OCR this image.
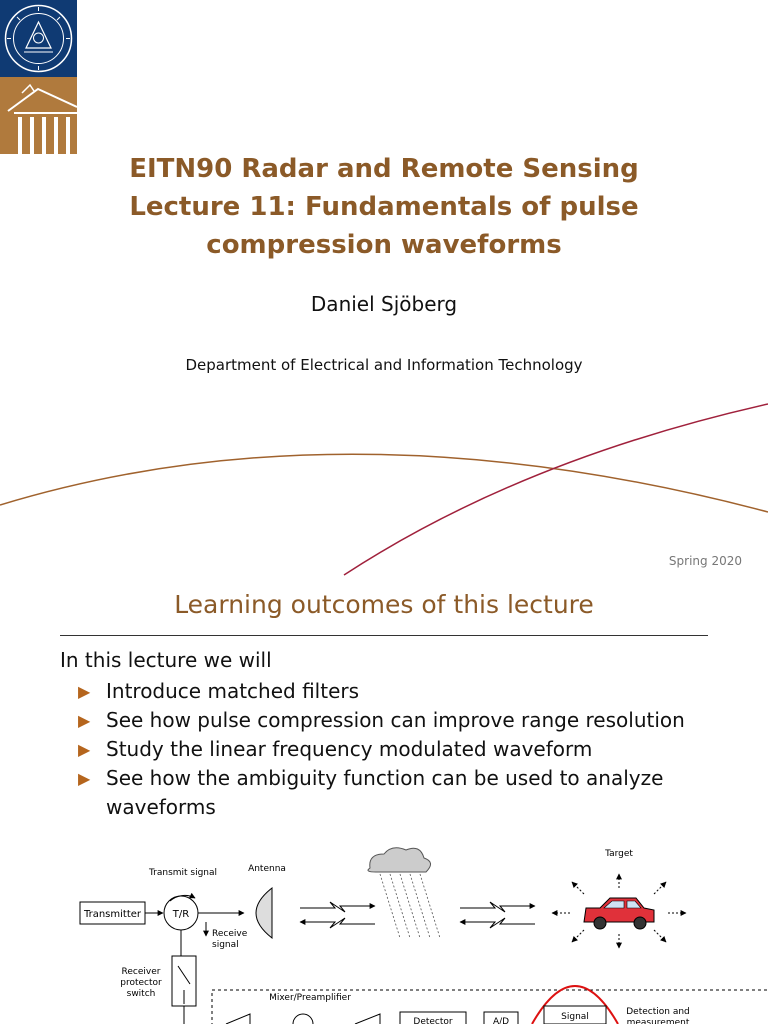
EITN90 Radar and Remote Sensing
Lecture 11: Fundamentals of pulse
compression waveforms
Daniel Sjöberg
Department of Electrical and Information Technology
Spring 2020
Learning outcomes of this lecture
In this lecture we will
▶ Introduce matched filters
▶ See how pulse compression can improve range resolution
▶ Study the linear frequency modulated waveform
▶ See how the ambiguity function can be used to analyze waveforms
Transmitter	T/R
Transmit signal
Receive
signal
Antenna
Target
Receiver
protector
switch	Mixer/Preamplifier
Detector	A/D	Signal	Detection and
measurement
